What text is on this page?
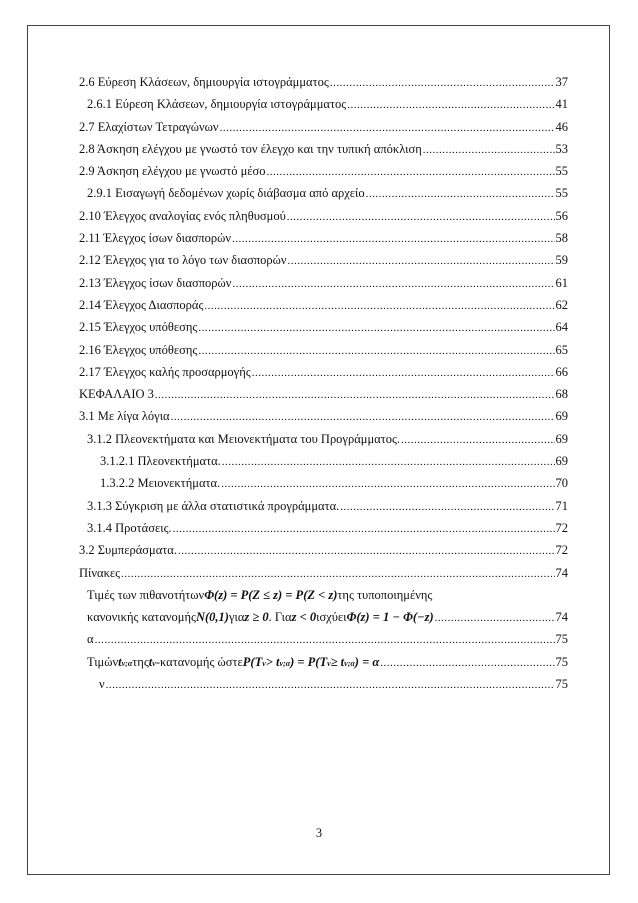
2.6 Εύρεση Κλάσεων, δημιουργία ιστογράμματος .....	37
2.6.1 Εύρεση Κλάσεων, δημιουργία ιστογράμματος .....	41
2.7 Ελαχίστων Τετραγώνων .....	46
2.8 Άσκηση ελέγχου με γνωστό τον έλεγχο και την τυπική απόκλιση .....	53
2.9 Άσκηση ελέγχου με γνωστό μέσο .....	55
2.9.1 Εισαγωγή δεδομένων χωρίς διάβασμα από αρχείο .....	55
2.10 Έλεγχος αναλογίας ενός πληθυσμού .....	56
2.11 Έλεγχος ίσων διασπορών .....	58
2.12 Έλεγχος για το λόγο των διασπορών .....	59
2.13 Έλεγχος ίσων διασπορών .....	61
2.14 Έλεγχος Διασποράς .....	62
2.15 Έλεγχος υπόθεσης .....	64
2.16 Έλεγχος υπόθεσης .....	65
2.17 Έλεγχος καλής προσαρμογής .....	66
ΚΕΦΑΛΑΙΟ 3 .....	68
3.1 Με λίγα λόγια .....	69
3.1.2 Πλεονεκτήματα και Μειονεκτήματα του Προγράμματος. .....	69
3.1.2.1 Πλεονεκτήματα. .....	69
1.3.2.2 Μειονεκτήματα. .....	70
3.1.3 Σύγκριση με άλλα στατιστικά προγράμματα. .....	71
3.1.4 Προτάσεις. .....	72
3.2 Συμπεράσματα. .....	72
Πίνακες .....	74
Τιμές των πιθανοτήτων Φ(z) = P(Z ≤ z) = P(Z < z) της τυποποιημένης
κανονικής κατανομής N(0,1) για z ≥ 0 . Για z < 0 ισχύει Φ(z) = 1 − Φ(−z) .....	74
α .....	75
Τιμών t ν;α της t ν -κατανομής ώστε P(T ν > t ν;α ) = P(T ν ≥ t ν;α ) = α .....	75
ν .....	75
3
